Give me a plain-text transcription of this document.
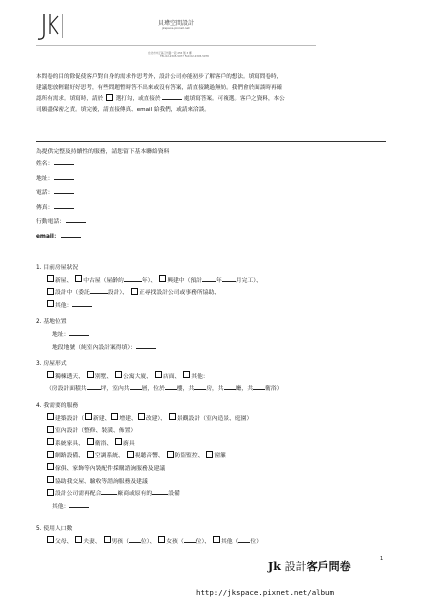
貝瑋空間設計
jkspace.pixnet.net
台北市中正區汀州路一段 255 號 3 樓
TEL:02-2305-5977 FAX:02-2305-5978

本問卷的目的除促使客戶對自身的需求作思考外，設計公司亦能初步了解客戶的想法。填寫問卷時，

建議您放輕鬆好好思考，有些問題暫時答不出來或沒有答案，請直接跳過無妨。我們會於面談時再確

認所有需求。填寫時，請於 選打勾，或直接於	處填寫答案。可複選。客戶之資料，本公

司願盡保密之責。填完後，請直接傳真、email 給我們，或請來洽談。

為提供完整及持續性的服務，請您留下基本聯絡資料
姓名：
地址：
電話：
傳真：
行動電話：
email：
1. 目前房屋狀況
新屋、 中古屋（屋齡約	年）、 興建中（預計 年 月完工）、
設計中（委託	設計）、 正尋找設計公司或事務所協助、
其他：
2. 基地位置
地址：
地段地號（純室內設計案得填）：
3. 房屋形式
獨棟透天、 別墅、 公寓大廈、 店面、 其他：
（房設計面積共 坪，室內共 層，位於 樓，共 房，共 廳，共 衛浴）
4. 我需要的服務
建築設計（ 新建、 增建、 改建）、 景觀設計（室內造景、庭園）
室內設計（整修、裝潢、佈置）
系統家具、 衛浴、 廚具
網路設備、 空調系統、 視聽音響、 防盜監控、 窗簾
傢俱、家飾等內裝配件採購諮詢服務及建議
協助我交屋、驗收等諮詢服務及建議
設計公司需再配合	廠商或原有的	設備
其他：
5. 使用人口數
父母、 夫妻、 男孩（ 位）、 女孩（ 位）、 其他（ 位）
Jk 設計客戶問卷
1
http://jkspace.pixnet.net/album
